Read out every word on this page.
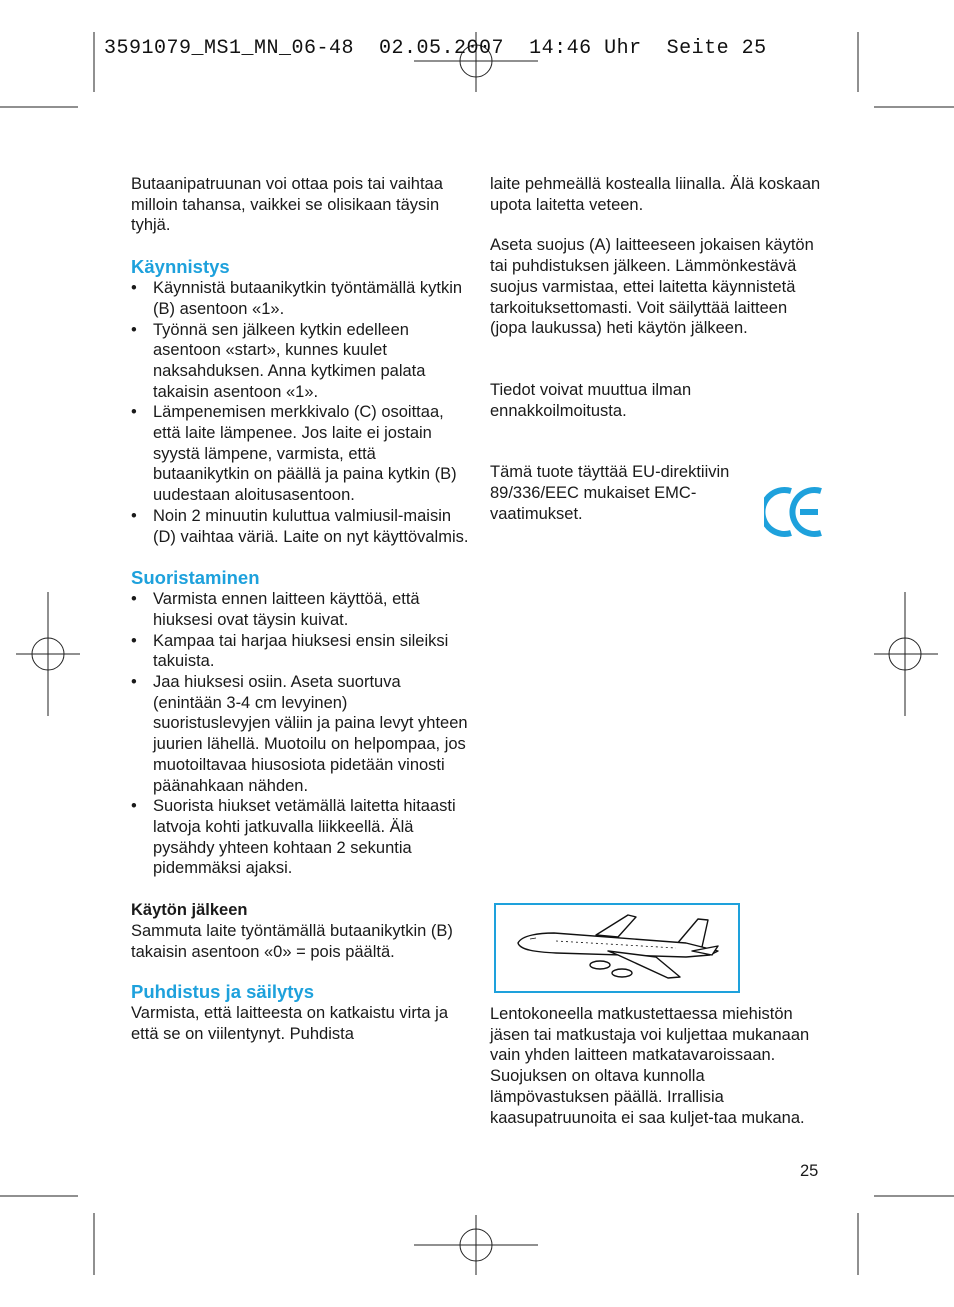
3591079_MS1_MN_06-48  02.05.2007  14:46 Uhr  Seite 25

Butaanipatruunan voi ottaa pois tai vaihtaa milloin tahansa, vaikkei se olisikaan täysin tyhjä.

Käynnistys
• Käynnistä butaanikytkin työntämällä kytkin (B) asentoon «1».
• Työnnä sen jälkeen kytkin edelleen asentoon «start», kunnes kuulet naksahduksen. Anna kytkimen palata takaisin asentoon «1».
• Lämpenemisen merkkivalo (C) osoittaa, että laite lämpenee. Jos laite ei jostain syystä lämpene, varmista, että butaanikytkin on päällä ja paina kytkin (B) uudestaan aloitusasentoon.
• Noin 2 minuutin kuluttua valmiusil-maisin (D) vaihtaa väriä. Laite on nyt käyttövalmis.
Suoristaminen
• Varmista ennen laitteen käyttöä, että hiuksesi ovat täysin kuivat.
• Kampaa tai harjaa hiuksesi ensin sileiksi takuista.
• Jaa hiuksesi osiin. Aseta suortuva (enintään 3-4 cm levyinen) suoristuslevyjen väliin ja paina levyt yhteen juurien lähellä. Muotoilu on helpompaa, jos muotoiltavaa hiusosiota pidetään vinosti päänahkaan nähden.
• Suorista hiukset vetämällä laitetta hitaasti latvoja kohti jatkuvalla liikkeellä. Älä pysähdy yhteen kohtaan 2 sekuntia pidemmäksi ajaksi.
Käytön jälkeen

Sammuta laite työntämällä butaanikytkin (B) takaisin asentoon «0» = pois päältä.

Puhdistus ja säilytys

Varmista, että laitteesta on katkaistu virta ja että se on viilentynyt. Puhdista

laite pehmeällä kostealla liinalla. Älä koskaan upota laitetta veteen.

Aseta suojus (A) laitteeseen jokaisen käytön tai puhdistuksen jälkeen. Lämmönkestävä suojus varmistaa, ettei laitetta käynnistetä tarkoituksettomasti. Voit säilyttää laitteen (jopa laukussa) heti käytön jälkeen.

Tiedot voivat muuttua ilman ennakkoilmoitusta.

Tämä tuote täyttää EU-direktiivin 89/336/EEC mukaiset EMC-vaatimukset.

Lentokoneella matkustettaessa miehistön jäsen tai matkustaja voi kuljettaa mukanaan vain yhden laitteen matkatavaroissaan. Suojuksen on oltava kunnolla lämpövastuksen päällä. Irrallisia kaasupatruunoita ei saa kuljet-taa mukana.

25
